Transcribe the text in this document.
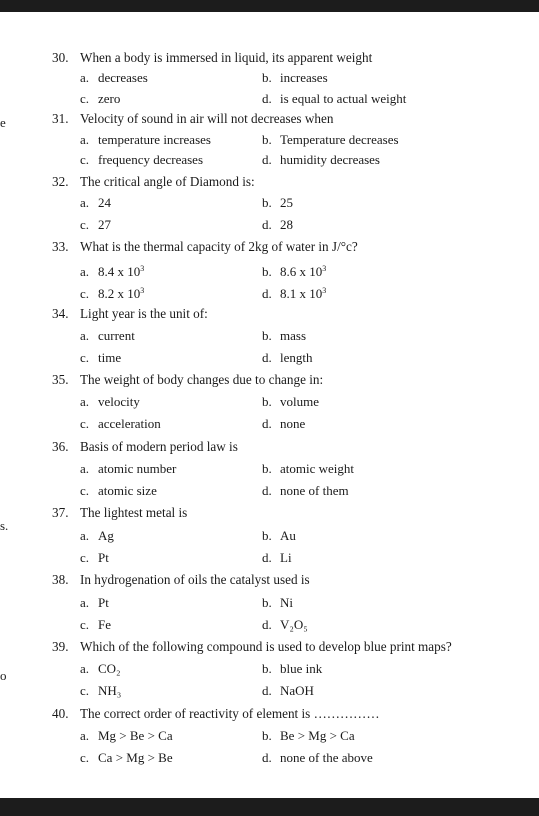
e
s.
o
30. When a body is immersed in liquid, its apparent weight
a. decreases	b. increases
c. zero	d. is equal to actual weight
31. Velocity of sound in air will not decreases when
a. temperature increases	b. Temperature decreases
c. frequency decreases	d. humidity decreases
32. The critical angle of Diamond is:
a. 24	b. 25
c. 27	d. 28
33. What is the thermal capacity of 2kg of water in J/°c?
a. 8.4 x $10^3$	b. 8.6 x $10^3$
c. 8.2 x $10^3$	d. 8.1 x $10^3$
34. Light year is the unit of:
a. current	b. mass
c. time	d. length
35. The weight of body changes due to change in:
a. velocity	b. volume
c. acceleration	d. none
36. Basis of modern period law is
a. atomic number	b. atomic weight
c. atomic size	d. none of them
37. The lightest metal is
a. Ag	b. Au
c. Pt	d. Li
38. In hydrogenation of oils the catalyst used is
a. Pt	b. Ni
c. Fe	d. V₂O₅
39. Which of the following compound is used to develop blue print maps?
a. CO₂	b. blue ink
c. NH₃	d. NaOH
40. The correct order of reactivity of element is ……………
a. Mg > Be > Ca	b. Be > Mg > Ca
c. Ca > Mg > Be	d. none of the above
